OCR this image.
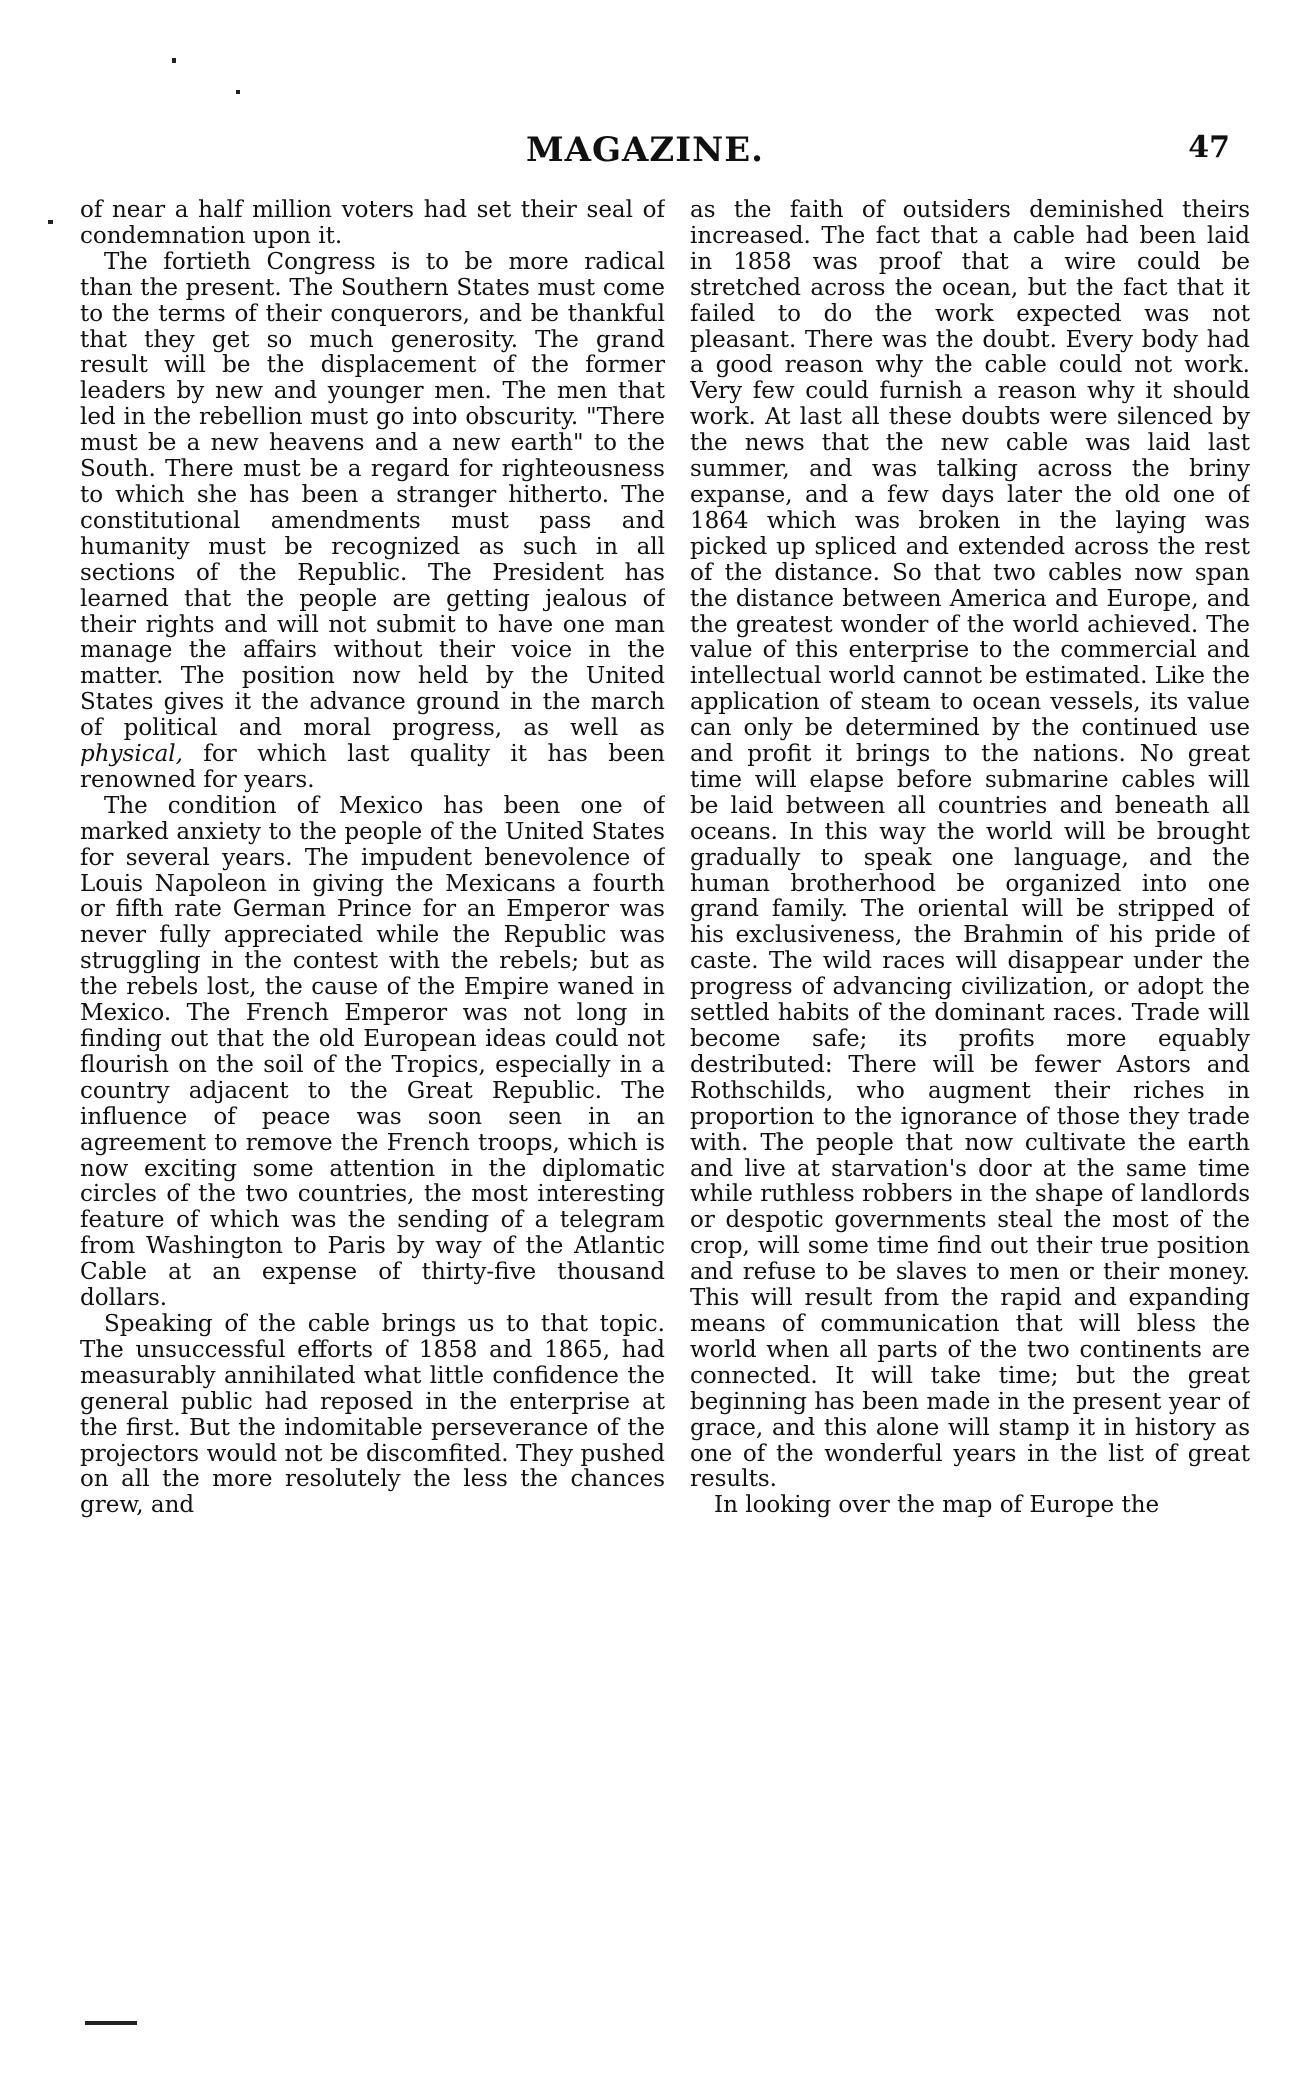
MAGAZINE.	47

of near a half million voters had set their seal of condemnation upon it.

The fortieth Congress is to be more radical than the present. The Southern States must come to the terms of their conquerors, and be thankful that they get so much generosity. The grand result will be the displacement of the former leaders by new and younger men. The men that led in the rebellion must go into obscurity. "There must be a new heavens and a new earth" to the South. There must be a regard for righteousness to which she has been a stranger hitherto. The constitutional amendments must pass and humanity must be recognized as such in all sections of the Republic. The President has learned that the people are getting jealous of their rights and will not submit to have one man manage the affairs without their voice in the matter. The position now held by the United States gives it the advance ground in the march of political and moral progress, as well as physical, for which last quality it has been renowned for years.

The condition of Mexico has been one of marked anxiety to the people of the United States for several years. The impudent benevolence of Louis Napoleon in giving the Mexicans a fourth or fifth rate German Prince for an Emperor was never fully appreciated while the Republic was struggling in the contest with the rebels; but as the rebels lost, the cause of the Empire waned in Mexico. The French Emperor was not long in finding out that the old European ideas could not flourish on the soil of the Tropics, especially in a country adjacent to the Great Republic. The influence of peace was soon seen in an agreement to remove the French troops, which is now exciting some attention in the diplomatic circles of the two countries, the most interesting feature of which was the sending of a telegram from Washington to Paris by way of the Atlantic Cable at an expense of thirty-five thousand dollars.

Speaking of the cable brings us to that topic. The unsuccessful efforts of 1858 and 1865, had measurably annihilated what little confidence the general public had reposed in the enterprise at the first. But the indomitable perseverance of the projectors would not be discomfited. They pushed on all the more resolutely the less the chances grew, and

as the faith of outsiders deminished theirs increased. The fact that a cable had been laid in 1858 was proof that a wire could be stretched across the ocean, but the fact that it failed to do the work expected was not pleasant. There was the doubt. Every body had a good reason why the cable could not work. Very few could furnish a reason why it should work. At last all these doubts were silenced by the news that the new cable was laid last summer, and was talking across the briny expanse, and a few days later the old one of 1864 which was broken in the laying was picked up spliced and extended across the rest of the distance. So that two cables now span the distance between America and Europe, and the greatest wonder of the world achieved. The value of this enterprise to the commercial and intellectual world cannot be estimated. Like the application of steam to ocean vessels, its value can only be determined by the continued use and profit it brings to the nations. No great time will elapse before submarine cables will be laid between all countries and beneath all oceans. In this way the world will be brought gradually to speak one language, and the human brotherhood be organized into one grand family. The oriental will be stripped of his exclusiveness, the Brahmin of his pride of caste. The wild races will disappear under the progress of advancing civilization, or adopt the settled habits of the dominant races. Trade will become safe; its profits more equably destributed: There will be fewer Astors and Rothschilds, who augment their riches in proportion to the ignorance of those they trade with. The people that now cultivate the earth and live at starvation's door at the same time while ruthless robbers in the shape of landlords or despotic governments steal the most of the crop, will some time find out their true position and refuse to be slaves to men or their money. This will result from the rapid and expanding means of communication that will bless the world when all parts of the two continents are connected. It will take time; but the great beginning has been made in the present year of grace, and this alone will stamp it in history as one of the wonderful years in the list of great results.

In looking over the map of Europe the
